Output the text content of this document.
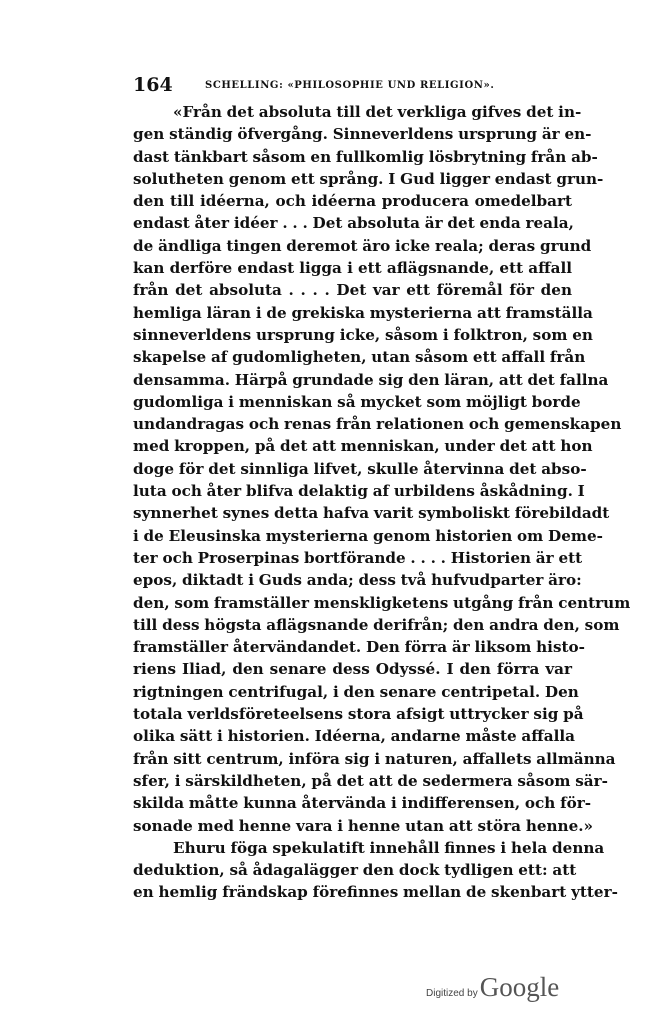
164	SCHELLING: «PHILOSOPHIE UND RELIGION».
«Från det absoluta till det verkliga gifves det in-
gen ständig öfvergång. Sinneverldens ursprung är en-
dast tänkbart såsom en fullkomlig lösbrytning från ab-
solutheten genom ett språng. I Gud ligger endast grun-
den till idéerna, och idéerna producera omedelbart
endast åter idéer . . . Det absoluta är det enda reala,
de ändliga tingen deremot äro icke reala; deras grund
kan derföre endast ligga i ett aflägsnande, ett affall
från det absoluta . . . . Det var ett föremål för den
hemliga läran i de grekiska mysterierna att framställa
sinneverldens ursprung icke, såsom i folktron, som en
skapelse af gudomligheten, utan såsom ett affall från
densamma. Härpå grundade sig den läran, att det fallna
gudomliga i menniskan så mycket som möjligt borde
undandragas och renas från relationen och gemenskapen
med kroppen, på det att menniskan, under det att hon
doge för det sinnliga lifvet, skulle återvinna det abso-
luta och åter blifva delaktig af urbildens åskådning. I
synnerhet synes detta hafva varit symboliskt förebildadt
i de Eleusinska mysterierna genom historien om Deme-
ter och Proserpinas bortförande . . . . Historien är ett
epos, diktadt i Guds anda; dess två hufvudparter äro:
den, som framställer menskligketens utgång från centrum
till dess högsta aflägsnande derifrån; den andra den, som
framställer återvändandet. Den förra är liksom histo-
riens Iliad, den senare dess Odyssé. I den förra var
rigtningen centrifugal, i den senare centripetal. Den
totala verldsföreteelsens stora afsigt uttrycker sig på
olika sätt i historien. Idéerna, andarne måste affalla
från sitt centrum, införa sig i naturen, affallets allmänna
sfer, i särskildheten, på det att de sedermera såsom sär-
skilda måtte kunna återvända i indifferensen, och för-
sonade med henne vara i henne utan att störa henne.»
Ehuru föga spekulatift innehåll finnes i hela denna
deduktion, så ådagalägger den dock tydligen ett: att
en hemlig frändskap förefinnes mellan de skenbart ytter-
Digitized by Google
